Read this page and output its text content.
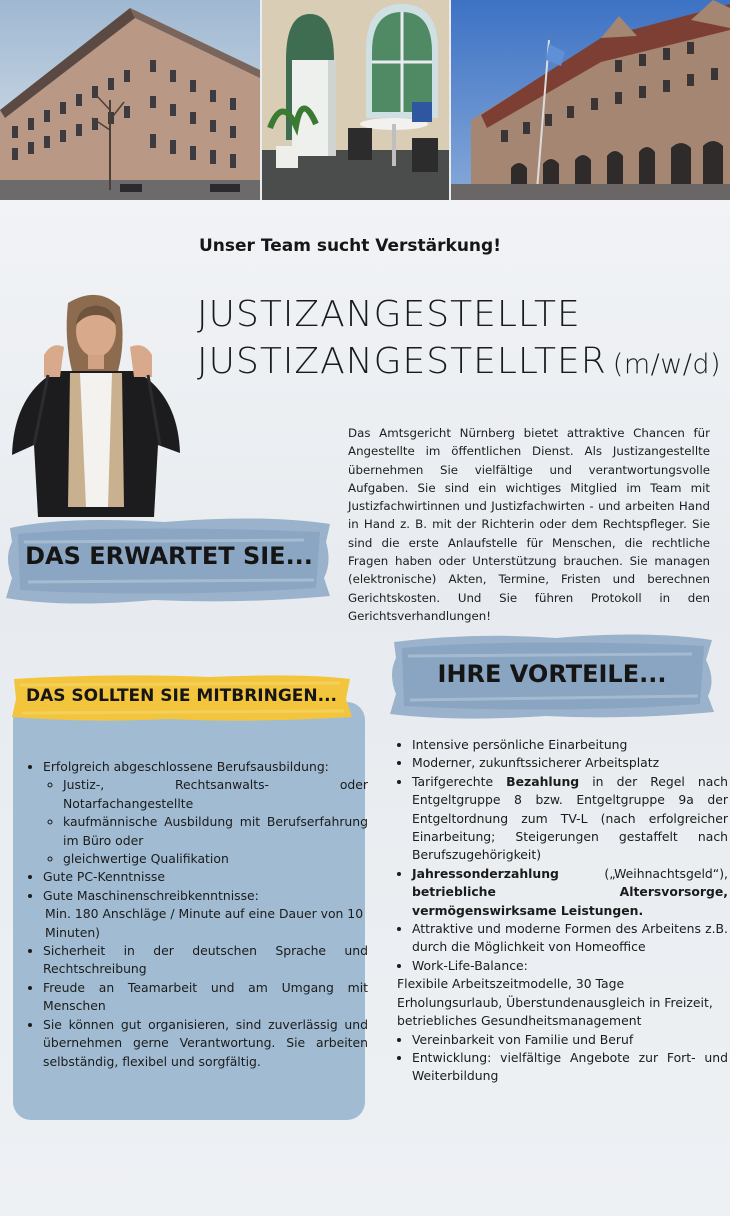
Unser Team sucht Verstärkung!
JUSTIZANGESTELLTE
JUSTIZANGESTELLTER (m/w/d)
Das Amtsgericht Nürnberg bietet attraktive Chancen für Angestellte im öffentlichen Dienst. Als Justizangestellte übernehmen Sie vielfältige und verantwortungsvolle Aufgaben. Sie sind ein wichtiges Mitglied im Team mit Justizfachwirtinnen und Justizfachwirten - und arbeiten Hand in Hand z. B. mit der Richterin oder dem Rechtspfleger. Sie sind die erste Anlaufstelle für Menschen, die rechtliche Fragen haben oder Unterstützung brauchen. Sie managen (elektronische) Akten, Termine, Fristen und berechnen Gerichtskosten. Und Sie führen Protokoll in den Gerichtsverhandlungen!
DAS ERWARTET SIE...
DAS SOLLTEN SIE MITBRINGEN...
• Erfolgreich abgeschlossene Berufsausbildung:
◦ Justiz-, Rechtsanwalts- oder Notarfachangestellte
◦ kaufmännische Ausbildung mit Berufserfahrung im Büro oder
◦ gleichwertige Qualifikation
• Gute PC-Kenntnisse
• Gute Maschinenschreibkenntnisse:
Min. 180 Anschläge / Minute auf eine Dauer von 10 Minuten)
• Sicherheit in der deutschen Sprache und Rechtschreibung
• Freude an Teamarbeit und am Umgang mit Menschen
• Sie können gut organisieren, sind zuverlässig und übernehmen gerne Verantwortung. Sie arbeiten selbständig, flexibel und sorgfältig.
IHRE VORTEILE...
• Intensive persönliche Einarbeitung
• Moderner, zukunftssicherer Arbeitsplatz
• Tarifgerechte Bezahlung in der Regel nach Entgeltgruppe 8 bzw. Entgeltgruppe 9a der Entgeltordnung zum TV-L (nach erfolgreicher Einarbeitung; Steigerungen gestaffelt nach Berufszugehörigkeit)
• Jahressonderzahlung („Weihnachtsgeld“), betriebliche Altersvorsorge, vermögenswirksame Leistungen.
• Attraktive und moderne Formen des Arbeitens z.B. durch die Möglichkeit von Homeoffice
• Work-Life-Balance:
Flexibile Arbeitszeitmodelle, 30 Tage Erholungsurlaub, Überstundenausgleich in Freizeit, betriebliches Gesundheitsmanagement
• Vereinbarkeit von Familie und Beruf
• Entwicklung: vielfältige Angebote zur Fort- und Weiterbildung
